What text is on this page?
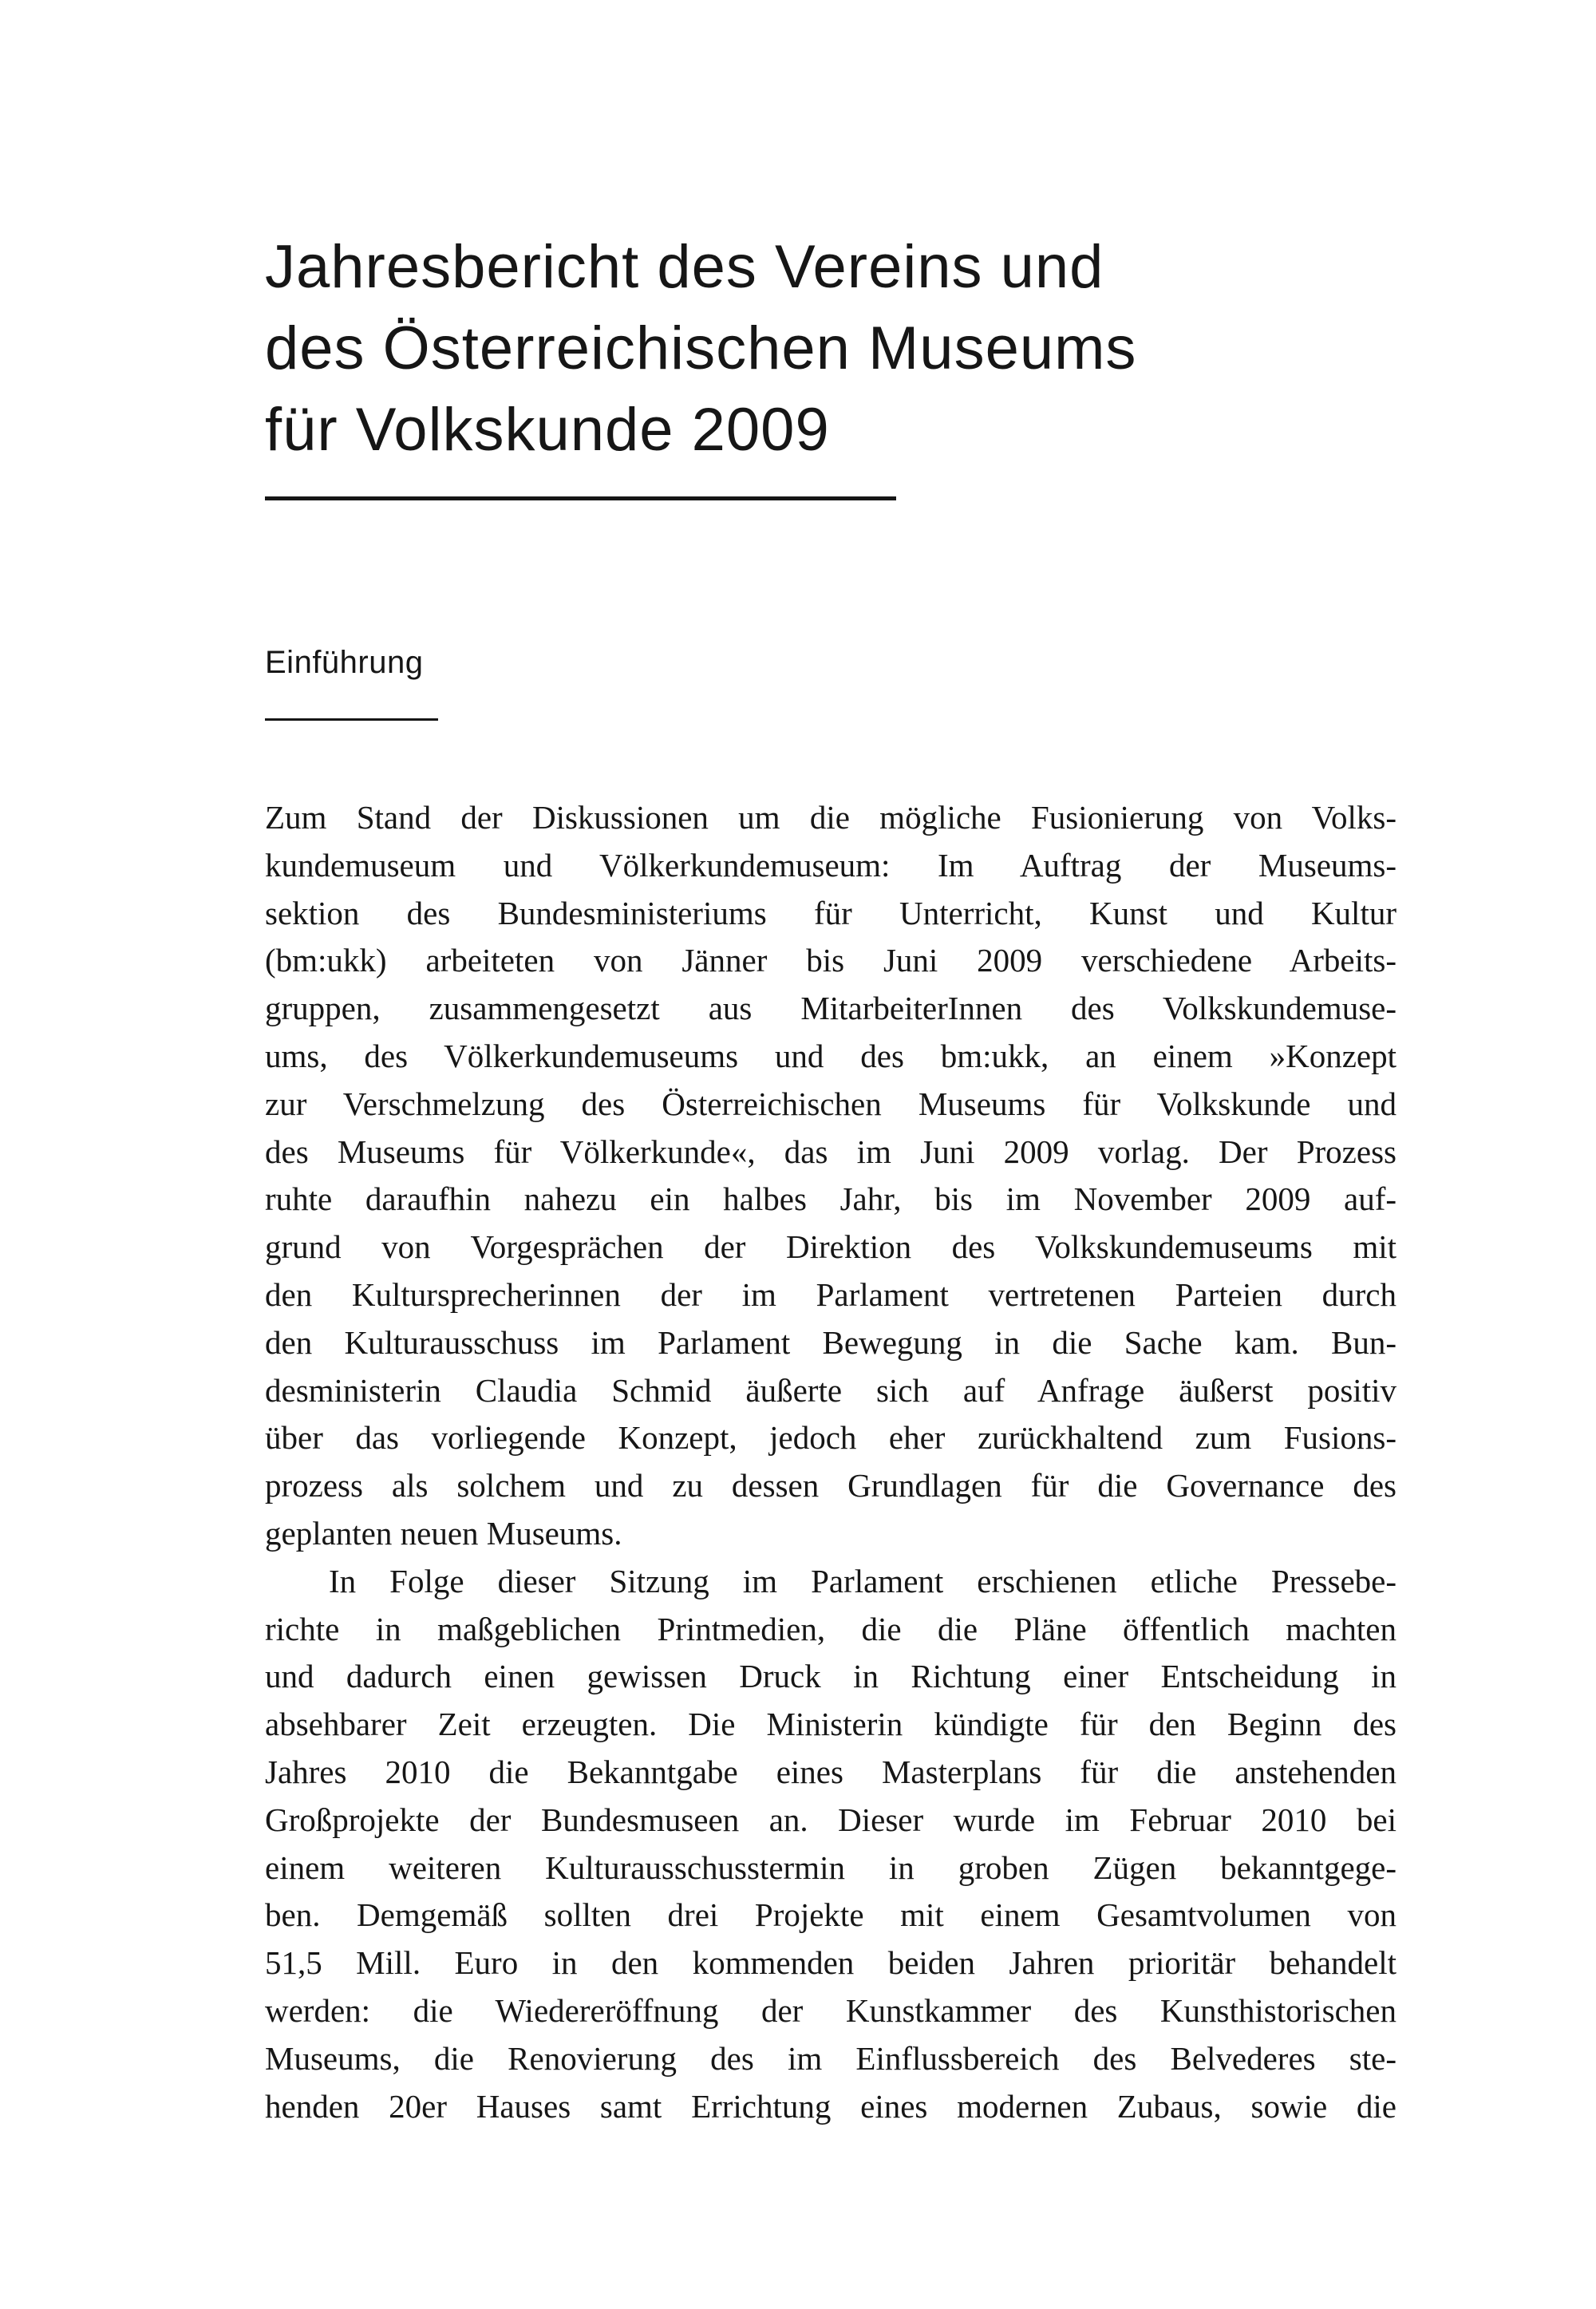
Jahresbericht des Vereins und
des Österreichischen Museums
für Volkskunde 2009
Einführung
Zum Stand der Diskussionen um die mögliche Fusionierung von Volks-
kundemuseum und Völkerkundemuseum: Im Auftrag der Museums-
sektion des Bundesministeriums für Unterricht, Kunst und Kultur
(bm:ukk) arbeiteten von Jänner bis Juni 2009 verschiedene Arbeits-
gruppen, zusammengesetzt aus MitarbeiterInnen des Volkskundemuse-
ums, des Völkerkundemuseums und des bm:ukk, an einem »Konzept
zur Verschmelzung des Österreichischen Museums für Volkskunde und
des Museums für Völkerkunde«, das im Juni 2009 vorlag. Der Prozess
ruhte daraufhin nahezu ein halbes Jahr, bis im November 2009 auf-
grund von Vorgesprächen der Direktion des Volkskundemuseums mit
den Kultursprecherinnen der im Parlament vertretenen Parteien durch
den Kulturausschuss im Parlament Bewegung in die Sache kam. Bun-
desministerin Claudia Schmid äußerte sich auf Anfrage äußerst positiv
über das vorliegende Konzept, jedoch eher zurückhaltend zum Fusions-
prozess als solchem und zu dessen Grundlagen für die Governance des
geplanten neuen Museums.
In Folge dieser Sitzung im Parlament erschienen etliche Pressebe-
richte in maßgeblichen Printmedien, die die Pläne öffentlich machten
und dadurch einen gewissen Druck in Richtung einer Entscheidung in
absehbarer Zeit erzeugten. Die Ministerin kündigte für den Beginn des
Jahres 2010 die Bekanntgabe eines Masterplans für die anstehenden
Großprojekte der Bundesmuseen an. Dieser wurde im Februar 2010 bei
einem weiteren Kulturausschusstermin in groben Zügen bekanntgege-
ben. Demgemäß sollten drei Projekte mit einem Gesamtvolumen von
51,5 Mill. Euro in den kommenden beiden Jahren prioritär behandelt
werden: die Wiedereröffnung der Kunstkammer des Kunsthistorischen
Museums, die Renovierung des im Einflussbereich des Belvederes ste-
henden 20er Hauses samt Errichtung eines modernen Zubaus, sowie die
